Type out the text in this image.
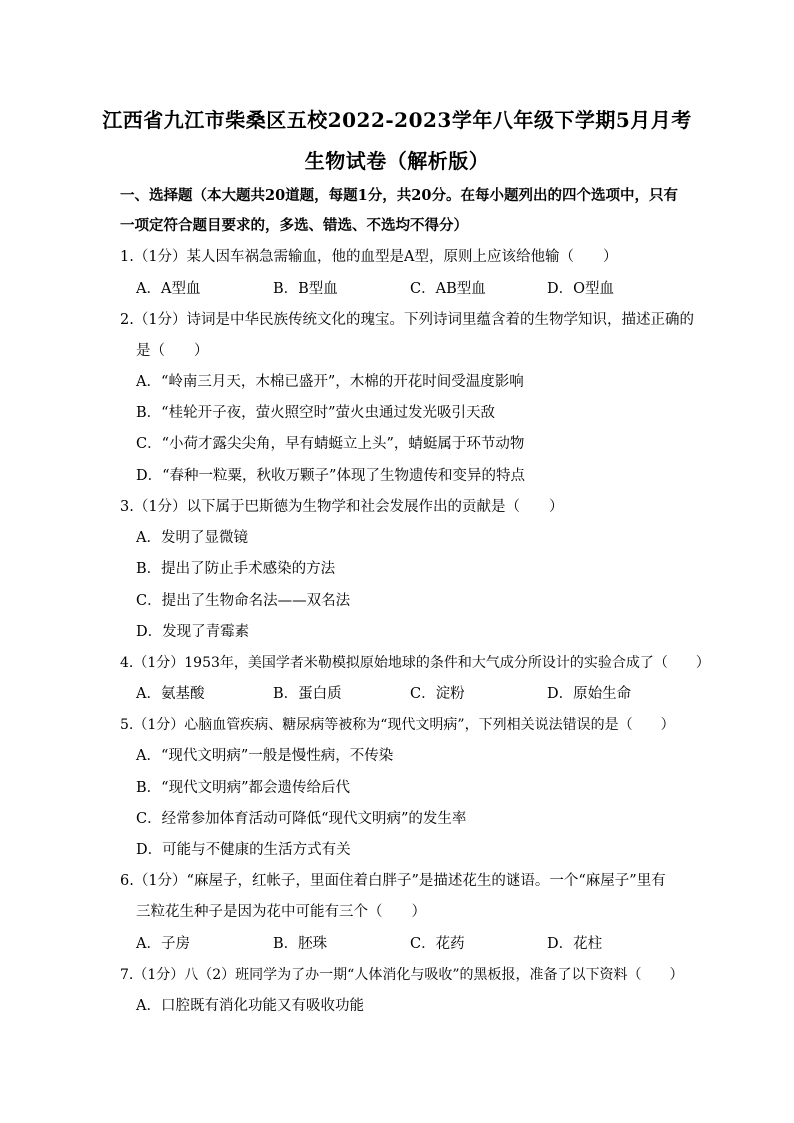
江西省九江市柴桑区五校2022-2023学年八年级下学期5月月考
生物试卷（解析版）
一、选择题（本大题共20道题，每题1分，共20分。在每小题列出的四个选项中，只有
一项定符合题目要求的，多选、错选、不选均不得分）
1.（1分）某人因车祸急需输血，他的血型是A型，原则上应该给他输（　　）
A．A型血	B．B型血	C．AB型血	D．O型血
2.（1分）诗词是中华民族传统文化的瑰宝。下列诗词里蕴含着的生物学知识，描述正确的
是（　　）
A．“岭南三月天，木棉已盛开”，木棉的开花时间受温度影响
B．“桂轮开子夜，萤火照空时”萤火虫通过发光吸引天敌
C．“小荷才露尖尖角，早有蜻蜓立上头”，蜻蜓属于环节动物
D．“春种一粒粟，秋收万颗子”体现了生物遗传和变异的特点
3.（1分）以下属于巴斯德为生物学和社会发展作出的贡献是（　　）
A．发明了显微镜
B．提出了防止手术感染的方法
C．提出了生物命名法——双名法
D．发现了青霉素
4.（1分）1953年，美国学者米勒模拟原始地球的条件和大气成分所设计的实验合成了（　　）
A．氨基酸	B．蛋白质	C．淀粉	D．原始生命
5.（1分）心脑血管疾病、糖尿病等被称为“现代文明病”，下列相关说法错误的是（　　）
A．“现代文明病”一般是慢性病，不传染
B．“现代文明病”都会遗传给后代
C．经常参加体育活动可降低“现代文明病”的发生率
D．可能与不健康的生活方式有关
6.（1分）“麻屋子，红帐子，里面住着白胖子”是描述花生的谜语。一个“麻屋子”里有
三粒花生种子是因为花中可能有三个（　　）
A．子房	B．胚珠	C．花药	D．花柱
7.（1分）八（2）班同学为了办一期“人体消化与吸收”的黑板报，准备了以下资料（　　）
A．口腔既有消化功能又有吸收功能
